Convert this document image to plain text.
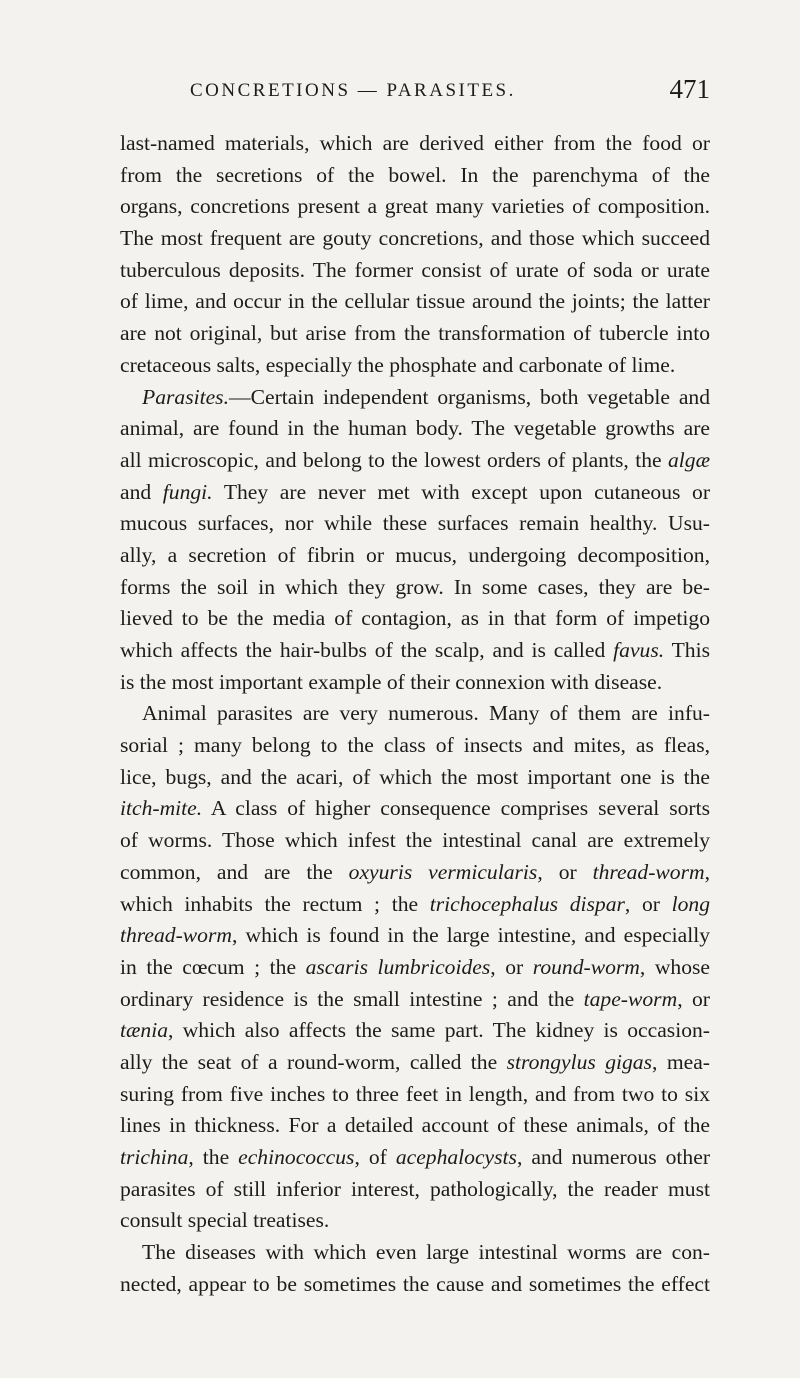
CONCRETIONS — PARASITES.	471
last-named materials, which are derived either from the food or
from the secretions of the bowel. In the parenchyma of the
organs, concretions present a great many varieties of composition.
The most frequent are gouty concretions, and those which succeed
tuberculous deposits. The former consist of urate of soda or urate
of lime, and occur in the cellular tissue around the joints; the latter
are not original, but arise from the transformation of tubercle into
cretaceous salts, especially the phosphate and carbonate of lime.
Parasites.—Certain independent organisms, both vegetable and
animal, are found in the human body. The vegetable growths are
all microscopic, and belong to the lowest orders of plants, the algæ
and fungi. They are never met with except upon cutaneous or
mucous surfaces, nor while these surfaces remain healthy. Usu-
ally, a secretion of fibrin or mucus, undergoing decomposition,
forms the soil in which they grow. In some cases, they are be-
lieved to be the media of contagion, as in that form of impetigo
which affects the hair-bulbs of the scalp, and is called favus. This
is the most important example of their connexion with disease.
Animal parasites are very numerous. Many of them are infu-
sorial ; many belong to the class of insects and mites, as fleas,
lice, bugs, and the acari, of which the most important one is the
itch-mite. A class of higher consequence comprises several sorts
of worms. Those which infest the intestinal canal are extremely
common, and are the oxyuris vermicularis, or thread-worm,
which inhabits the rectum ; the trichocephalus dispar, or long
thread-worm, which is found in the large intestine, and especially
in the cœcum ; the ascaris lumbricoides, or round-worm, whose
ordinary residence is the small intestine ; and the tape-worm, or
tænia, which also affects the same part. The kidney is occasion-
ally the seat of a round-worm, called the strongylus gigas, mea-
suring from five inches to three feet in length, and from two to six
lines in thickness. For a detailed account of these animals, of the
trichina, the echinococcus, of acephalocysts, and numerous other
parasites of still inferior interest, pathologically, the reader must
consult special treatises.
The diseases with which even large intestinal worms are con-
nected, appear to be sometimes the cause and sometimes the effect
